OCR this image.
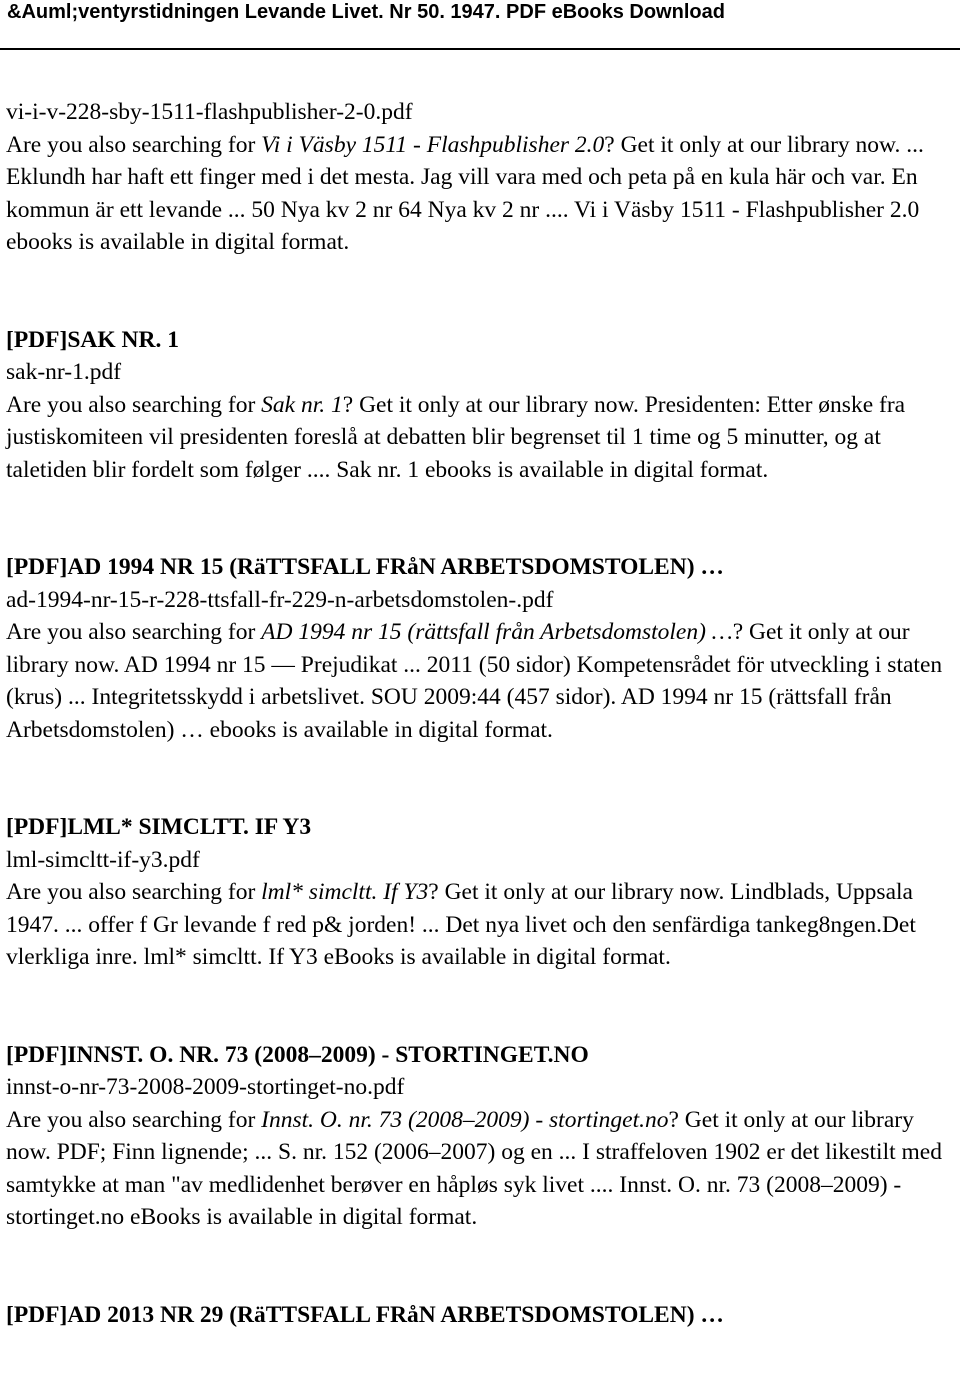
&Auml;ventyrstidningen Levande Livet. Nr 50. 1947. PDF eBooks Download
vi-i-v-228-sby-1511-flashpublisher-2-0.pdf
Are you also searching for Vi i Väsby 1511 - Flashpublisher 2.0? Get it only at our library now. ... Eklundh har haft ett finger med i det mesta. Jag vill vara med och peta på en kula här och var. En kommun är ett levande ... 50 Nya kv 2 nr 64 Nya kv 2 nr .... Vi i Väsby 1511 - Flashpublisher 2.0 ebooks is available in digital format.
[PDF]SAK NR. 1
sak-nr-1.pdf
Are you also searching for Sak nr. 1? Get it only at our library now. Presidenten: Etter ønske fra justiskomiteen vil presidenten foreslå at debatten blir begrenset til 1 time og 5 minutter, og at taletiden blir fordelt som følger .... Sak nr. 1 ebooks is available in digital format.
[PDF]AD 1994 NR 15 (RäTTSFALL FRåN ARBETSDOMSTOLEN) …
ad-1994-nr-15-r-228-ttsfall-fr-229-n-arbetsdomstolen-.pdf
Are you also searching for AD 1994 nr 15 (rättsfall från Arbetsdomstolen) …? Get it only at our library now. AD 1994 nr 15 — Prejudikat ... 2011 (50 sidor) Kompetensrådet för utveckling i staten (krus) ... Integritetsskydd i arbetslivet. SOU 2009:44 (457 sidor). AD 1994 nr 15 (rättsfall från Arbetsdomstolen) … ebooks is available in digital format.
[PDF]LML* SIMCLTT. IF Y3
lml-simcltt-if-y3.pdf
Are you also searching for lml* simcltt. If Y3? Get it only at our library now. Lindblads, Uppsala 1947. ... offer f Gr levande f red p& jorden! ... Det nya livet och den senfärdiga tankeg8ngen.Det vlerkliga inre. lml* simcltt. If Y3 eBooks is available in digital format.
[PDF]INNST. O. NR. 73 (2008–2009) - STORTINGET.NO
innst-o-nr-73-2008-2009-stortinget-no.pdf
Are you also searching for Innst. O. nr. 73 (2008–2009) - stortinget.no? Get it only at our library now. PDF; Finn lignende; ... S. nr. 152 (2006–2007) og en ... I straffeloven 1902 er det likestilt med samtykke at man "av medlidenhet berøver en håpløs syk livet .... Innst. O. nr. 73 (2008–2009) - stortinget.no eBooks is available in digital format.
[PDF]AD 2013 NR 29 (RäTTSFALL FRåN ARBETSDOMSTOLEN) …
